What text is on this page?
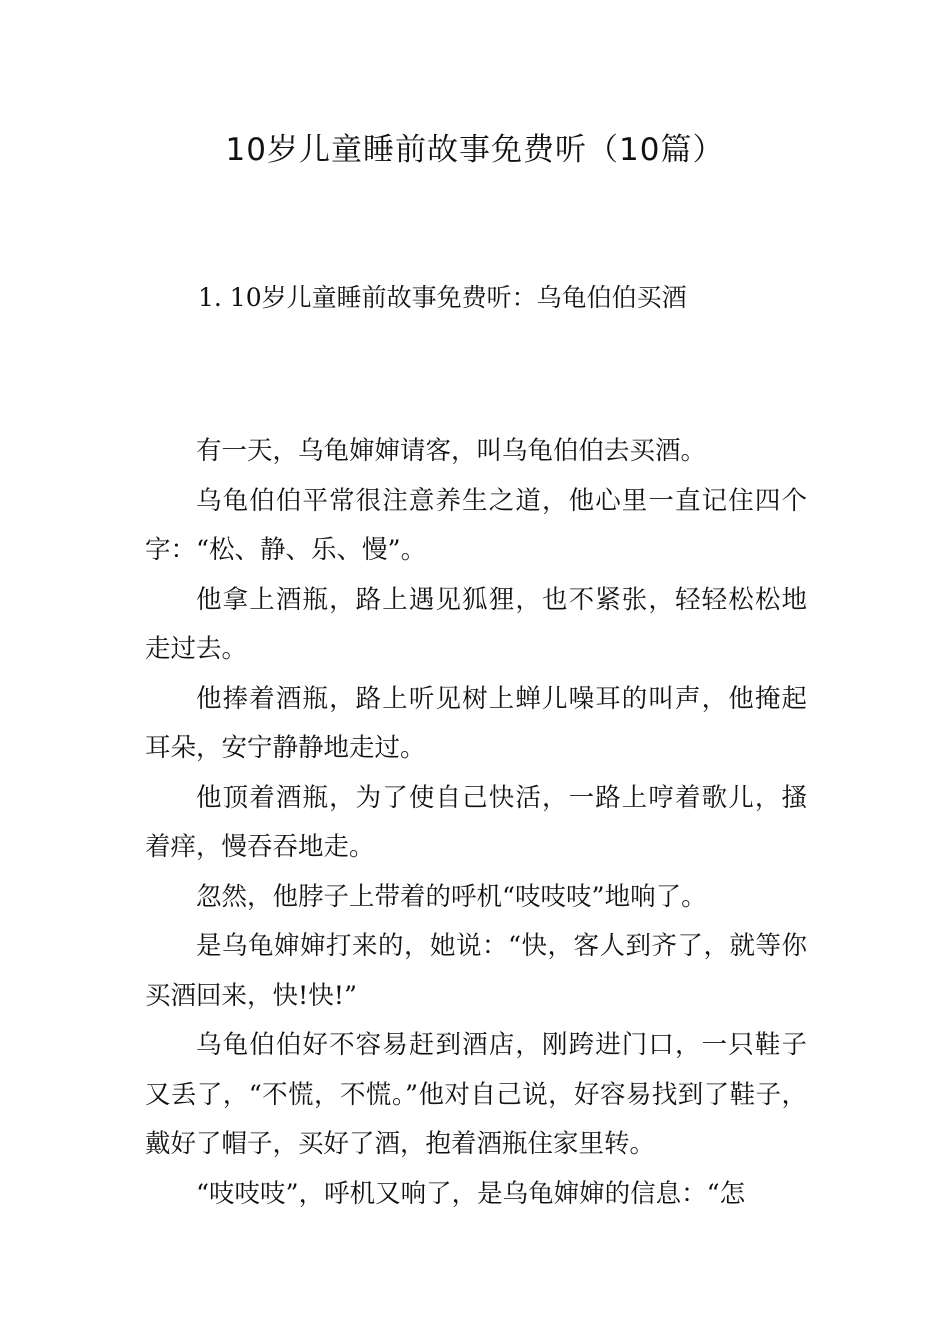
10岁儿童睡前故事免费听（10篇）
1. 10岁儿童睡前故事免费听：乌龟伯伯买酒

有一天，乌龟婶婶请客，叫乌龟伯伯去买酒。

乌龟伯伯平常很注意养生之道，他心里一直记住四个字：“松、静、乐、慢”。

他拿上酒瓶，路上遇见狐狸，也不紧张，轻轻松松地走过去。

他捧着酒瓶，路上听见树上蝉儿噪耳的叫声，他掩起耳朵，安宁静静地走过。

他顶着酒瓶，为了使自己快活，一路上哼着歌儿，搔着痒，慢吞吞地走。

忽然，他脖子上带着的呼机“吱吱吱”地响了。

是乌龟婶婶打来的，她说：“快，客人到齐了，就等你买酒回来，快!快!”

乌龟伯伯好不容易赶到酒店，刚跨进门口，一只鞋子又丢了，“不慌，不慌。”他对自己说，好容易找到了鞋子，戴好了帽子，买好了酒，抱着酒瓶住家里转。

“吱吱吱”，呼机又响了，是乌龟婶婶的信息：“怎
